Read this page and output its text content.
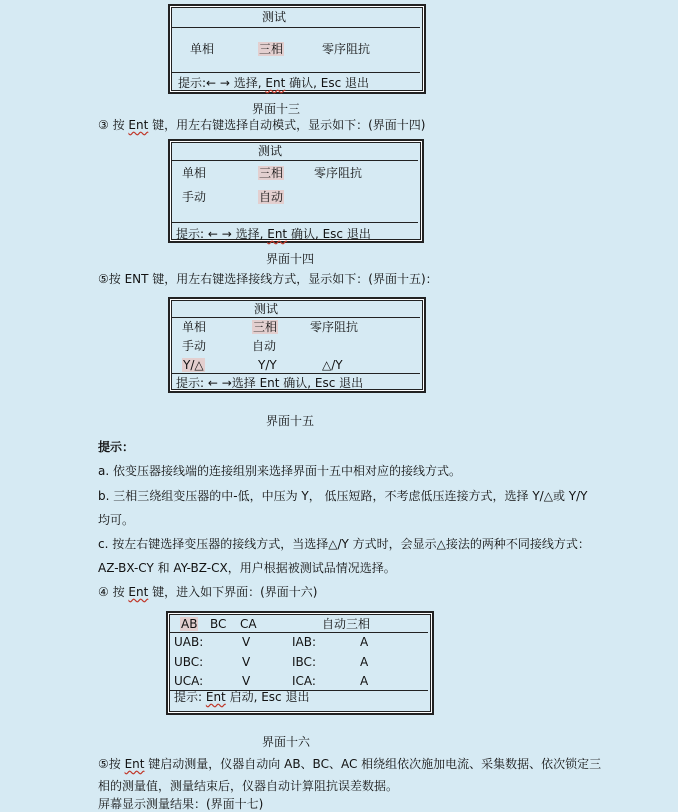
测试
单相	三相	零序阻抗
提示:← → 选择, Ent 确认, Esc 退出
界面十三
③ 按 Ent 键，用左右键选择自动模式，显示如下：(界面十四)
测试
单相	三相	零序阻抗
手动	自动
提示: ← → 选择, Ent 确认, Esc 退出
界面十四
⑤按 ENT 键，用左右键选择接线方式，显示如下：(界面十五)：
测试
单相	三相	零序阻抗
手动	自动
Y/△	Y/Y	△/Y
提示: ← →选择 Ent 确认, Esc 退出
界面十五
提示：
a. 依变压器接线端的连接组别来选择界面十五中相对应的接线方式。
b. 三相三绕组变压器的中-低，中压为 Y， 低压短路，不考虑低压连接方式，选择 Y/△或 Y/Y
均可。
c. 按左右键选择变压器的接线方式，当选择△/Y 方式时，会显示△接法的两种不同接线方式：
AZ-BX-CY 和 AY-BZ-CX，用户根据被测试品情况选择。
④ 按 Ent 键，进入如下界面：(界面十六)
AB BC CA	自动三相
UAB:	V	IAB:	A
UBC:	V	IBC:	A
UCA:	V	ICA:	A
提示: Ent 启动, Esc 退出
界面十六
⑤按 Ent 键启动测量，仪器自动向 AB、BC、AC 相绕组依次施加电流、采集数据、依次锁定三
相的测量值，测量结束后，仪器自动计算阻抗误差数据。
屏幕显示测量结果：(界面十七)
